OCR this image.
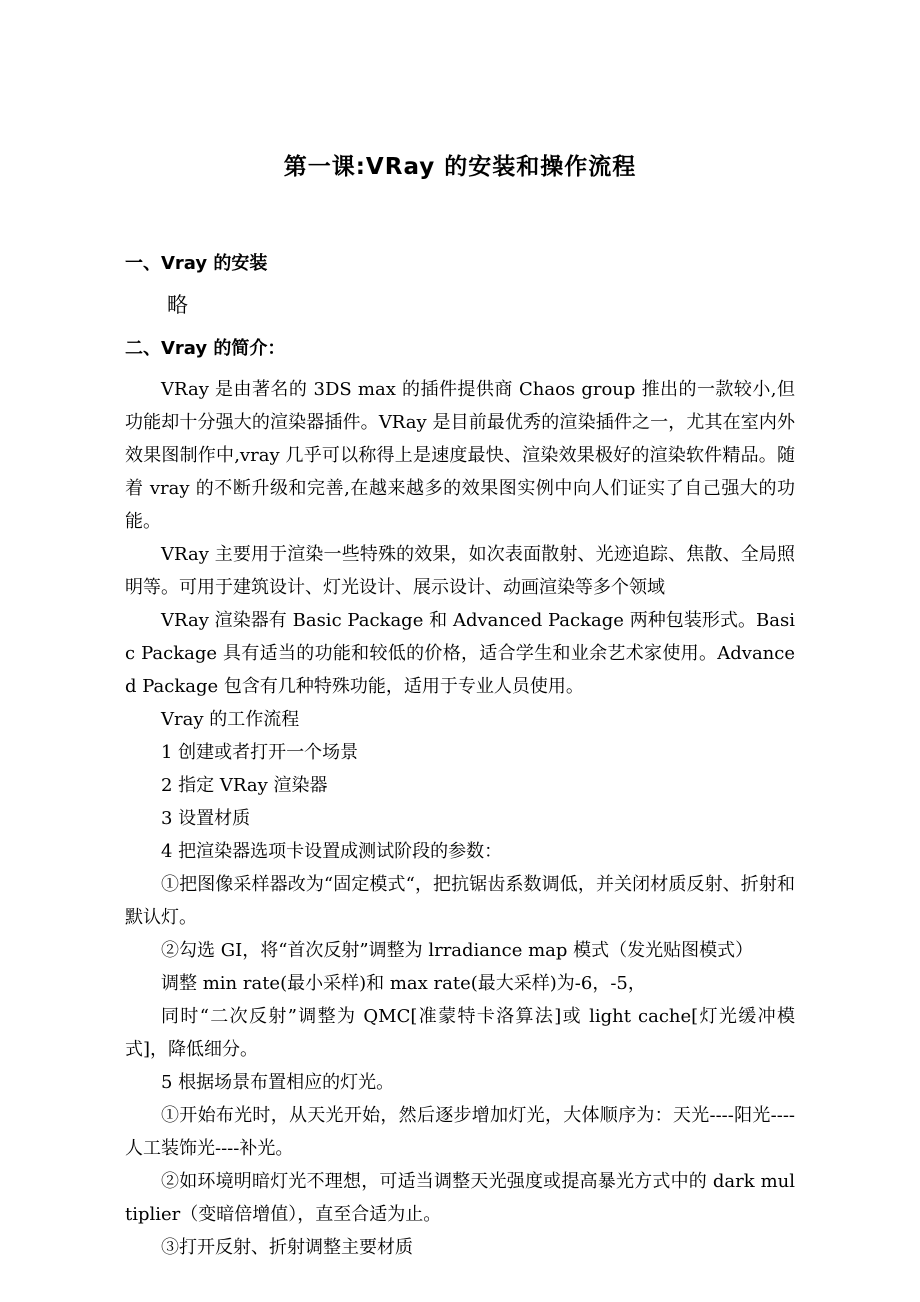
第一课:VRay 的安装和操作流程
一、Vray 的安装

略

二、Vray 的简介：

VRay 是由著名的 3DS max 的插件提供商 Chaos group 推出的一款较小,但功能却十分强大的渲染器插件。VRay 是目前最优秀的渲染插件之一，尤其在室内外效果图制作中,vray 几乎可以称得上是速度最快、渲染效果极好的渲染软件精品。随着 vray 的不断升级和完善,在越来越多的效果图实例中向人们证实了自己强大的功能。

VRay 主要用于渲染一些特殊的效果，如次表面散射、光迹追踪、焦散、全局照明等。可用于建筑设计、灯光设计、展示设计、动画渲染等多个领域

VRay 渲染器有 Basic Package 和 Advanced Package 两种包装形式。Basic Package 具有适当的功能和较低的价格，适合学生和业余艺术家使用。Advanced Package 包含有几种特殊功能，适用于专业人员使用。

Vray 的工作流程

1 创建或者打开一个场景

2 指定 VRay 渲染器

3 设置材质

4 把渲染器选项卡设置成测试阶段的参数：

①把图像采样器改为“固定模式“，把抗锯齿系数调低，并关闭材质反射、折射和默认灯。

②勾选 GI，将“首次反射”调整为 lrradiance map 模式（发光贴图模式）

调整 min rate(最小采样)和 max rate(最大采样)为-6，-5，

同时“二次反射”调整为 QMC[准蒙特卡洛算法]或 light cache[灯光缓冲模式]，降低细分。

5 根据场景布置相应的灯光。

①开始布光时，从天光开始，然后逐步增加灯光，大体顺序为：天光----阳光----人工装饰光----补光。

②如环境明暗灯光不理想，可适当调整天光强度或提高暴光方式中的 dark multiplier（变暗倍增值），直至合适为止。

③打开反射、折射调整主要材质
